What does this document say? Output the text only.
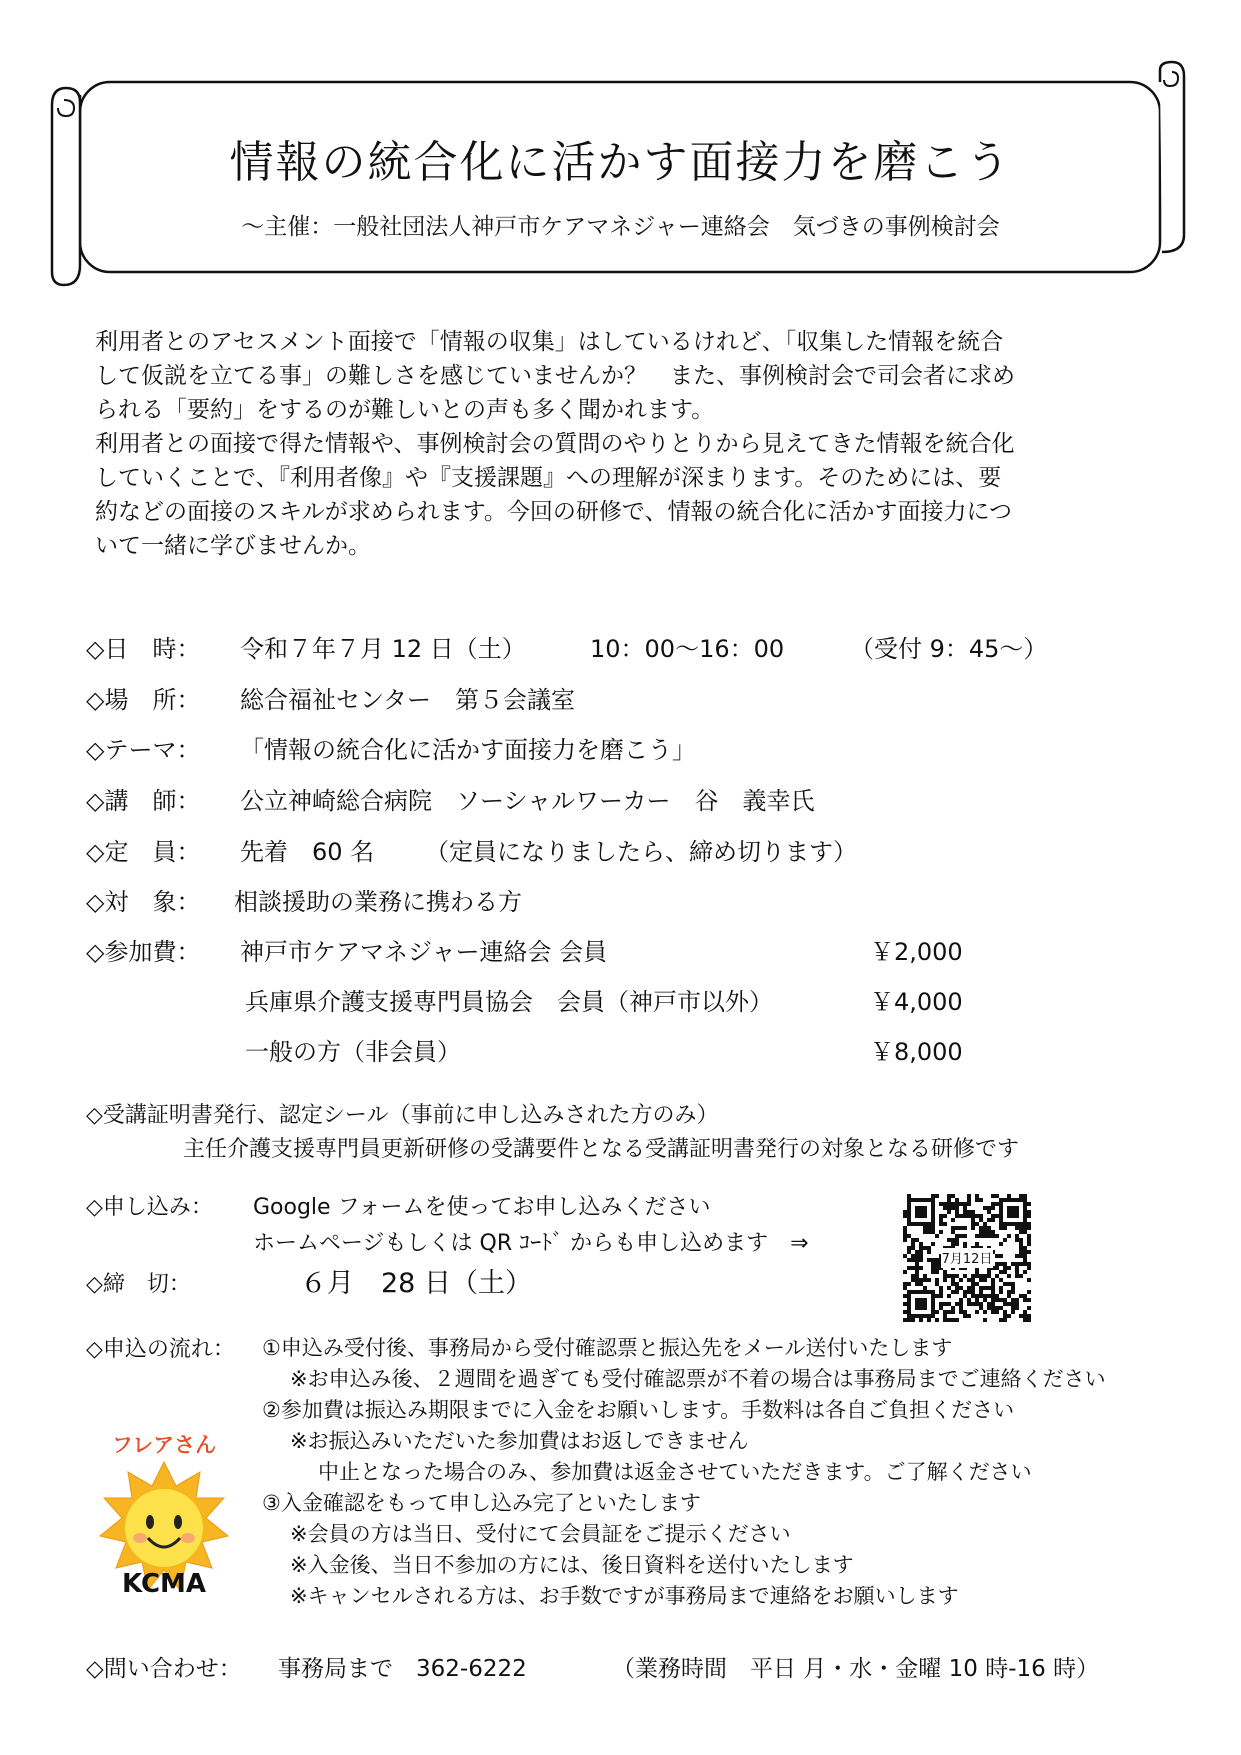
情報の統合化に活かす面接力を磨こう
～主催：一般社団法人神戸市ケアマネジャー連絡会　気づきの事例検討会
利用者とのアセスメント面接で「情報の収集」はしているけれど、「収集した情報を統合
して仮説を立てる事」の難しさを感じていませんか？　また、事例検討会で司会者に求め
られる「要約」をするのが難しいとの声も多く聞かれます。
利用者との面接で得た情報や、事例検討会の質問のやりとりから見えてきた情報を統合化
していくことで、『利用者像』や『支援課題』への理解が深まります。そのためには、要
約などの面接のスキルが求められます。今回の研修で、情報の統合化に活かす面接力につ
いて一緒に学びませんか。
◇日　時： 令和７年７月 12 日（土）	10：00～16：00	（受付 9：45～）
◇場　所： 総合福祉センター　第５会議室
◇テーマ： 「情報の統合化に活かす面接力を磨こう」
◇講　師： 公立神崎総合病院　ソーシャルワーカー　谷　義幸氏
◇定　員： 先着　60 名 （定員になりましたら、締め切ります）
◇対　象： 相談援助の業務に携わる方
◇参加費： 神戸市ケアマネジャー連絡会 会員	￥2,000
兵庫県介護支援専門員協会　会員（神戸市以外）	￥4,000
一般の方（非会員）	￥8,000
◇受講証明書発行、認定シール（事前に申し込みされた方のみ）
主任介護支援専門員更新研修の受講要件となる受講証明書発行の対象となる研修です
◇申し込み： Google フォームを使ってお申し込みください
ホームページもしくは QR ｺｰﾄﾞ からも申し込めます　⇒
◇締　切：	６月　28 日（土）
7月12日
◇申込の流れ： ①申込み受付後、事務局から受付確認票と振込先をメール送付いたします
※お申込み後、２週間を過ぎても受付確認票が不着の場合は事務局までご連絡ください
②参加費は振込み期限までに入金をお願いします。手数料は各自ご負担ください
※お振込みいただいた参加費はお返しできません
中止となった場合のみ、参加費は返金させていただきます。ご了解ください
③入金確認をもって申し込み完了といたします
※会員の方は当日、受付にて会員証をご提示ください
※入金後、当日不参加の方には、後日資料を送付いたします
※キャンセルされる方は、お手数ですが事務局まで連絡をお願いします
フレアさん
KCMA
◇問い合わせ： 事務局まで　362-6222	（業務時間　平日 月・水・金曜 10 時-16 時）
